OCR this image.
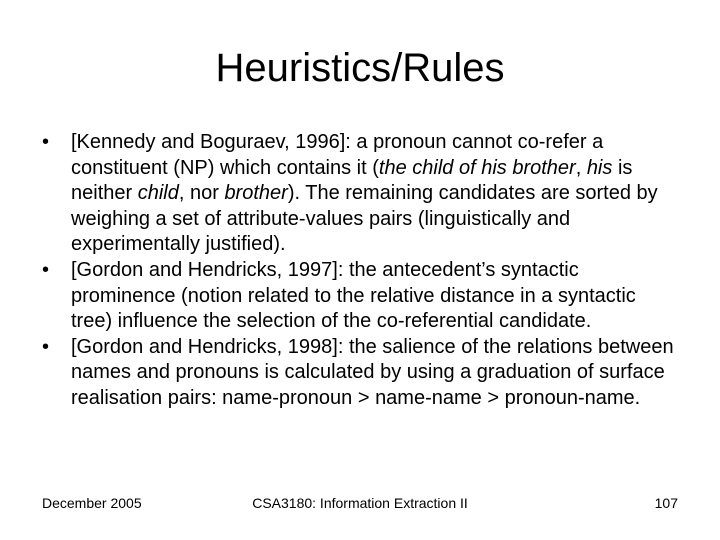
Heuristics/Rules
• [Kennedy and Boguraev, 1996]: a pronoun cannot co-refer a constituent (NP) which contains it (the child of his brother, his is neither child, nor brother). The remaining candidates are sorted by weighing a set of attribute-values pairs (linguistically and experimentally justified).
• [Gordon and Hendricks, 1997]: the antecedent’s syntactic prominence (notion related to the relative distance in a syntactic tree) influence the selection of the co-referential candidate.
• [Gordon and Hendricks, 1998]: the salience of the relations between names and pronouns is calculated by using a graduation of surface realisation pairs: name-pronoun > name-name > pronoun-name.
December 2005	CSA3180: Information Extraction II	107
